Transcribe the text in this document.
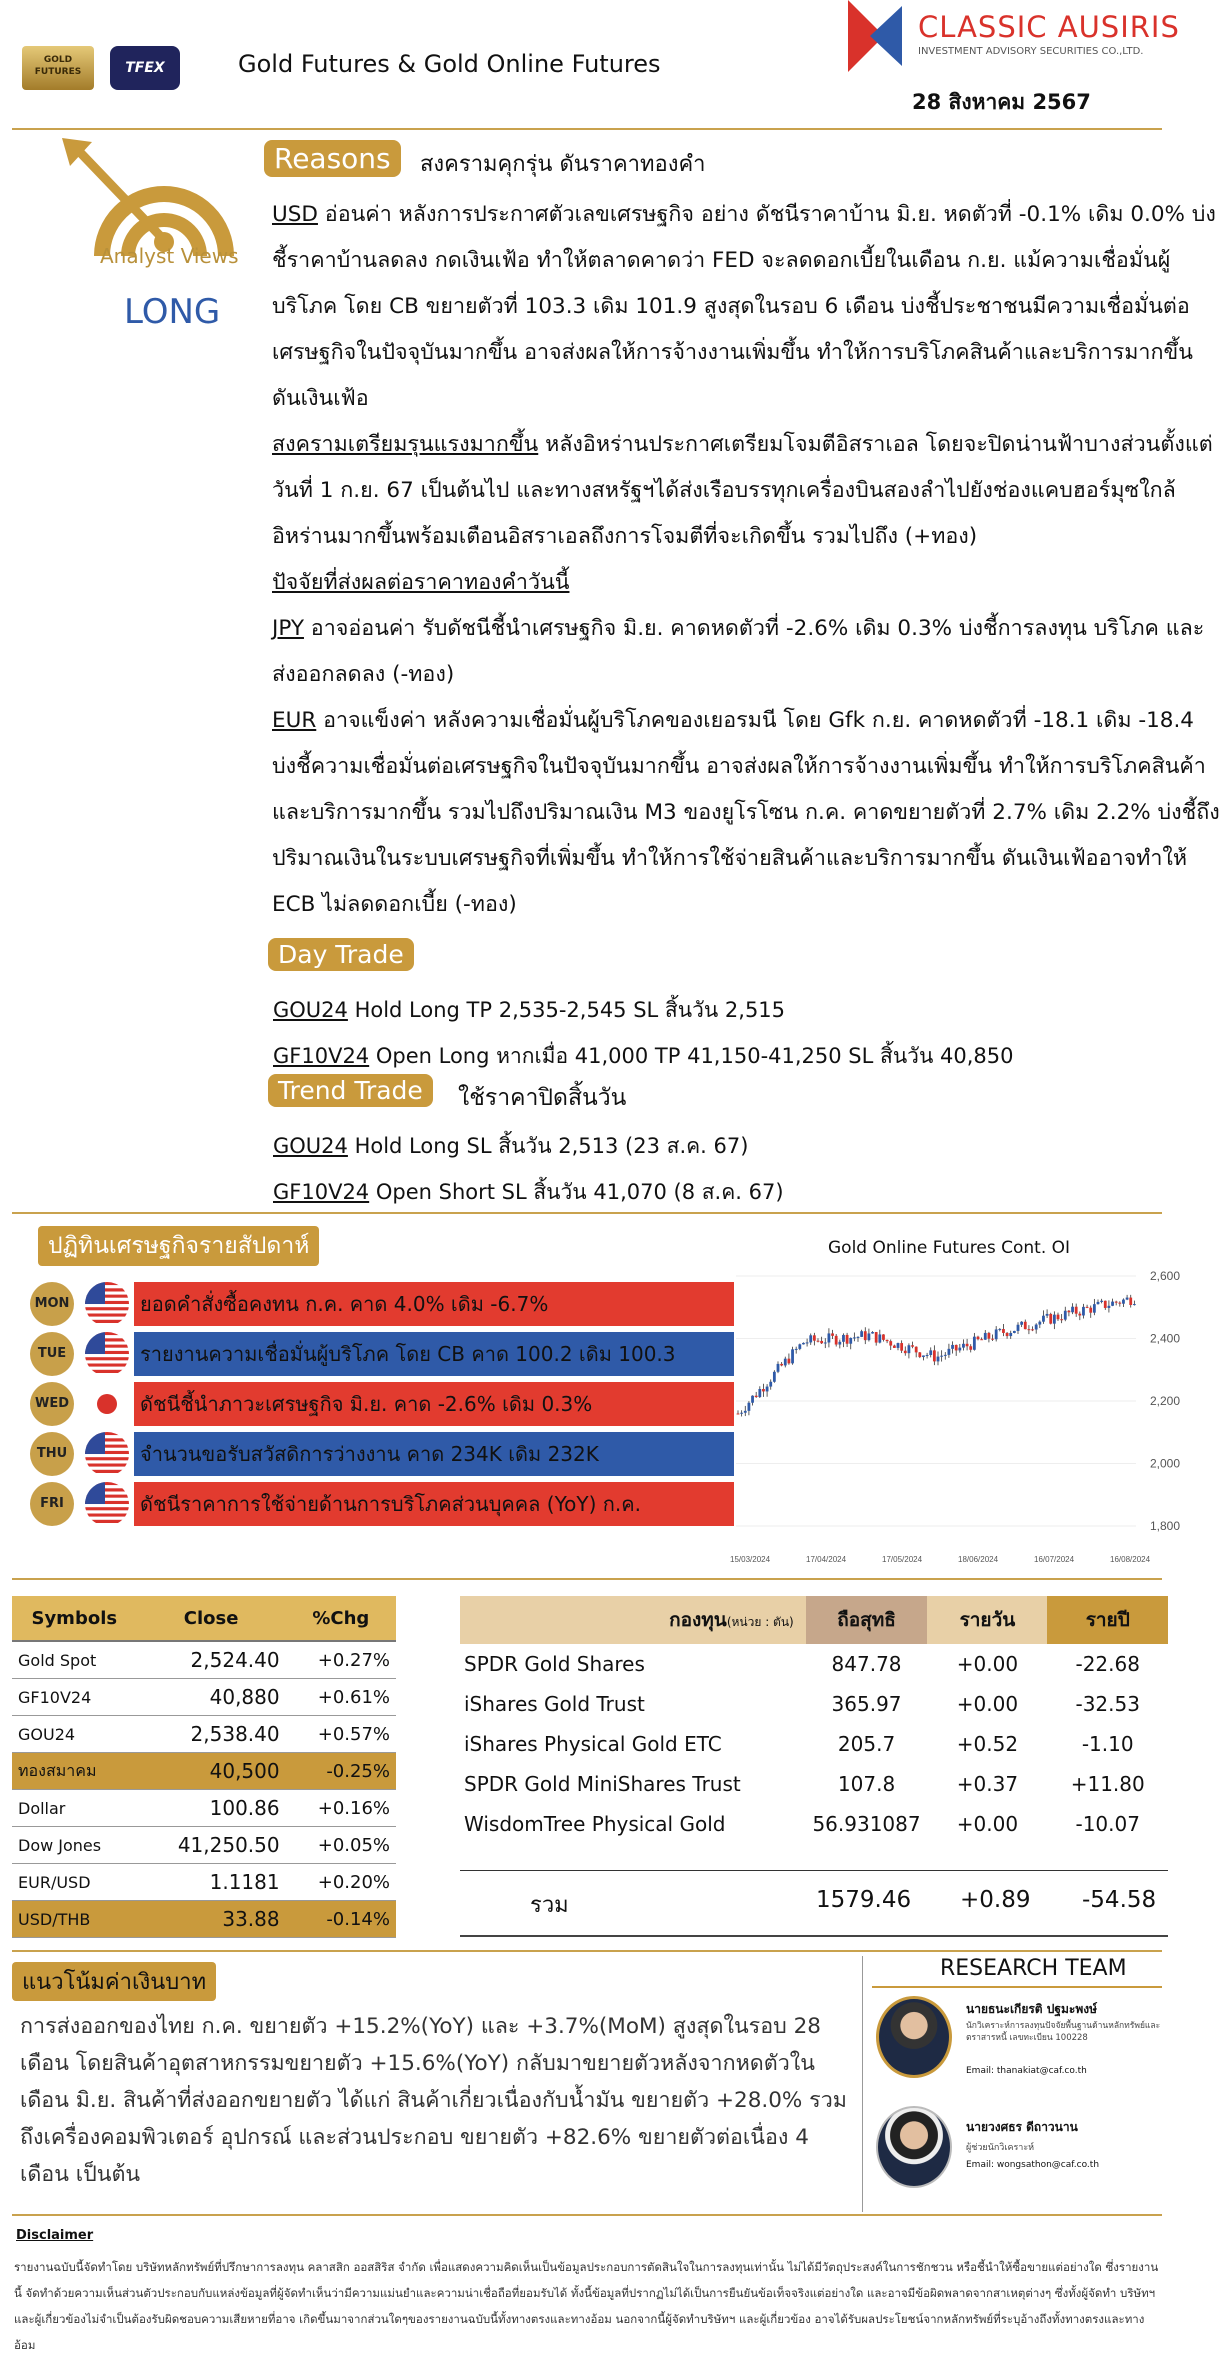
GOLD FUTURES	TFEX	Gold Futures & Gold Online Futures
CLASSIC AUSIRIS
INVESTMENT ADVISORY SECURITIES CO.,LTD.
28 สิงหาคม 2567
Analyst Views
LONG
Reasons	สงครามคุกรุ่น ดันราคาทองคำ

USD อ่อนค่า หลังการประกาศตัวเลขเศรษฐกิจ อย่าง ดัชนีราคาบ้าน มิ.ย. หดตัวที่ -0.1% เดิม 0.0% บ่งชี้ราคาบ้านลดลง กดเงินเฟ้อ ทำให้ตลาดคาดว่า FED จะลดดอกเบี้ยในเดือน ก.ย. แม้ความเชื่อมั่นผู้บริโภค โดย CB ขยายตัวที่ 103.3 เดิม 101.9 สูงสุดในรอบ 6 เดือน บ่งชี้ประชาชนมีความเชื่อมั่นต่อเศรษฐกิจในปัจจุบันมากขึ้น อาจส่งผลให้การจ้างงานเพิ่มขึ้น ทำให้การบริโภคสินค้าและบริการมากขึ้น ดันเงินเฟ้อ

สงครามเตรียมรุนแรงมากขึ้น หลังอิหร่านประกาศเตรียมโจมตีอิสราเอล โดยจะปิดน่านฟ้าบางส่วนตั้งแต่วันที่ 1 ก.ย. 67 เป็นต้นไป และทางสหรัฐฯได้ส่งเรือบรรทุกเครื่องบินสองลำไปยังช่องแคบฮอร์มุซใกล้อิหร่านมากขึ้นพร้อมเตือนอิสราเอลถึงการโจมตีที่จะเกิดขึ้น รวมไปถึง (+ทอง)

ปัจจัยที่ส่งผลต่อราคาทองคำวันนี้

JPY อาจอ่อนค่า รับดัชนีชี้นำเศรษฐกิจ มิ.ย. คาดหดตัวที่ -2.6% เดิม 0.3% บ่งชี้การลงทุน บริโภค และส่งออกลดลง (-ทอง)

EUR อาจแข็งค่า หลังความเชื่อมั่นผู้บริโภคของเยอรมนี โดย Gfk ก.ย. คาดหดตัวที่ -18.1 เดิม -18.4 บ่งชี้ความเชื่อมั่นต่อเศรษฐกิจในปัจจุบันมากขึ้น อาจส่งผลให้การจ้างงานเพิ่มขึ้น ทำให้การบริโภคสินค้าและบริการมากขึ้น รวมไปถึงปริมาณเงิน M3 ของยูโรโซน ก.ค. คาดขยายตัวที่ 2.7% เดิม 2.2% บ่งชี้ถึงปริมาณเงินในระบบเศรษฐกิจที่เพิ่มขึ้น ทำให้การใช้จ่ายสินค้าและบริการมากขึ้น ดันเงินเฟ้ออาจทำให้ ECB ไม่ลดดอกเบี้ย (-ทอง)

Day Trade
GOU24 Hold Long TP 2,535-2,545 SL สิ้นวัน 2,515
GF10V24 Open Long หากเมื่อ 41,000 TP 41,150-41,250 SL สิ้นวัน 40,850
Trend Trade	ใช้ราคาปิดสิ้นวัน
GOU24 Hold Long SL สิ้นวัน 2,513 (23 ส.ค. 67)
GF10V24 Open Short SL สิ้นวัน 41,070 (8 ส.ค. 67)
ปฏิทินเศรษฐกิจรายสัปดาห์
MON	ยอดคำสั่งซื้อคงทน ก.ค. คาด 4.0% เดิม -6.7%
TUE	รายงานความเชื่อมั่นผู้บริโภค โดย CB คาด 100.2 เดิม 100.3
WED	ดัชนีชี้นำภาวะเศรษฐกิจ มิ.ย. คาด -2.6% เดิม 0.3%
THU	จำนวนขอรับสวัสดิการว่างงาน คาด 234K เดิม 232K
FRI	ดัชนีราคาการใช้จ่ายด้านการบริโภคส่วนบุคคล (YoY) ก.ค.
Gold Online Futures Cont. OI
2,600
2,400
2,200
2,000
1,800
15/03/2024	17/04/2024	17/05/2024	18/06/2024	16/07/2024	16/08/2024
Symbols	Close	%Chg
Gold Spot	2,524.40	+0.27%
GF10V24	40,880	+0.61%
GOU24	2,538.40	+0.57%
ทองสมาคม	40,500	-0.25%
Dollar	100.86	+0.16%
Dow Jones	41,250.50	+0.05%
EUR/USD	1.1181	+0.20%
USD/THB	33.88	-0.14%
กองทุน(หน่วย : ตัน)	ถือสุทธิ	รายวัน	รายปี
SPDR Gold Shares	847.78	+0.00	-22.68
iShares Gold Trust	365.97	+0.00	-32.53
iShares Physical Gold ETC	205.7	+0.52	-1.10
SPDR Gold MiniShares Trust	107.8	+0.37	+11.80
WisdomTree Physical Gold	56.931087	+0.00	-10.07
รวม	1579.46 +0.89 -54.58
แนวโน้มค่าเงินบาท
การส่งออกของไทย ก.ค. ขยายตัว +15.2%(YoY) และ +3.7%(MoM) สูงสุดในรอบ 28 เดือน โดยสินค้าอุตสาหกรรมขยายตัว +15.6%(YoY) กลับมาขยายตัวหลังจากหดตัวในเดือน มิ.ย. สินค้าที่ส่งออกขยายตัว ได้แก่ สินค้าเกี่ยวเนื่องกับน้ำมัน ขยายตัว +28.0% รวมถึงเครื่องคอมพิวเตอร์ อุปกรณ์ และส่วนประกอบ ขยายตัว +82.6% ขยายตัวต่อเนื่อง 4 เดือน เป็นต้น
RESEARCH TEAM
นายธนะเกียรติ ปฐมะพงษ์
นักวิเคราะห์การลงทุนปัจจัยพื้นฐานด้านหลักทรัพย์และตราสารหนี้ เลขทะเบียน 100228
Email: thanakiat@caf.co.th
นายวงศธร ดีถาวนาน
ผู้ช่วยนักวิเคราะห์
Email: wongsathon@caf.co.th
Disclaimer
รายงานฉบับนี้จัดทำโดย บริษัทหลักทรัพย์ที่ปรึกษาการลงทุน คลาสสิก ออสสิริส จำกัด เพื่อแสดงความคิดเห็นเป็นข้อมูลประกอบการตัดสินใจในการลงทุนเท่านั้น ไม่ได้มีวัตถุประสงค์ในการชักชวน หรือชี้นำให้ซื้อขายแต่อย่างใด ซึ่งรายงานนี้ จัดทำด้วยความเห็นส่วนตัวประกอบกับแหล่งข้อมูลที่ผู้จัดทำเห็นว่ามีความแม่นยำและความน่าเชื่อถือที่ยอมรับได้ ทั้งนี้ข้อมูลที่ปรากฏไม่ได้เป็นการยืนยันข้อเท็จจริงแต่อย่างใด และอาจมีข้อผิดพลาดจากสาเหตุต่างๆ ซึ่งทั้งผู้จัดทำ บริษัทฯ และผู้เกี่ยวข้องไม่จำเป็นต้องรับผิดชอบความเสียหายที่อาจ เกิดขึ้นมาจากส่วนใดๆของรายงานฉบับนี้ทั้งทางตรงและทางอ้อม นอกจากนี้ผู้จัดทำบริษัทฯ และผู้เกี่ยวข้อง อาจได้รับผลประโยชน์จากหลักทรัพย์ที่ระบุอ้างถึงทั้งทางตรงและทางอ้อม
